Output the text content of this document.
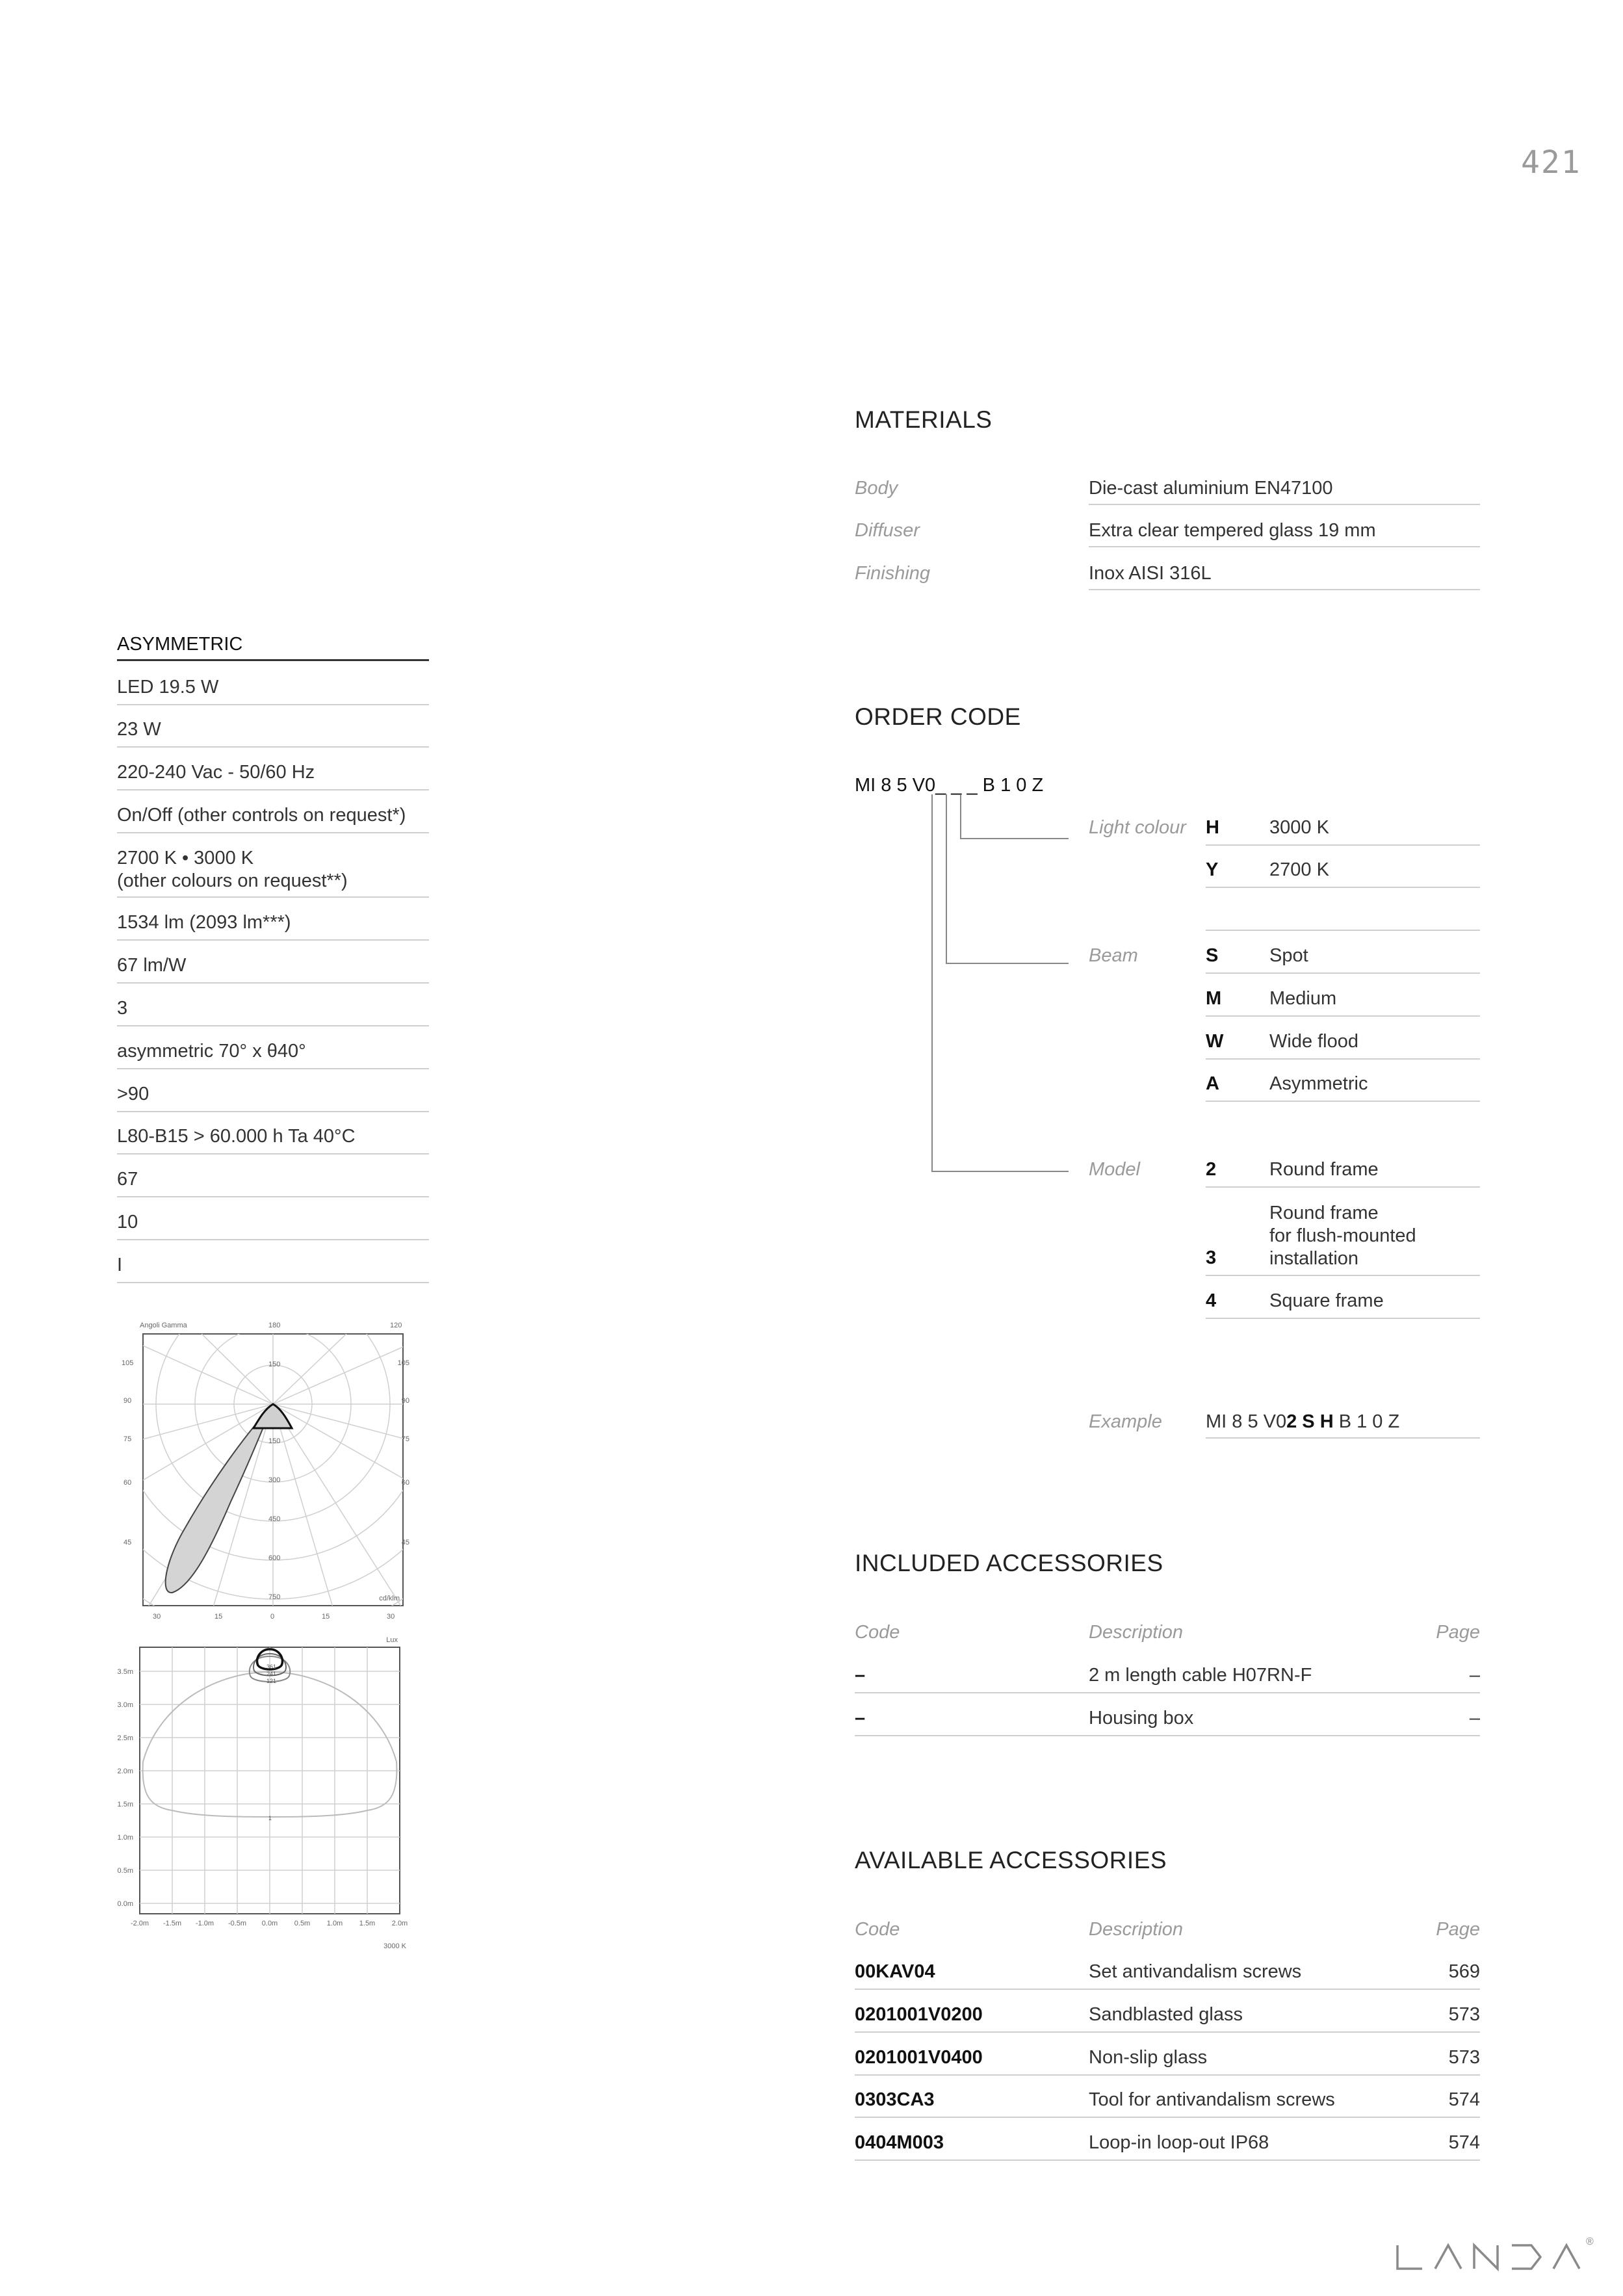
421
ASYMMETRIC
LED 19.5 W
23 W
220-240 Vac - 50/60 Hz
On/Off (other controls on request*)
2700 K • 3000 K
(other colours on request**)
1534 lm (2093 lm***)
67 lm/W
3
asymmetric 70° x θ40°
>90
L80-B15 > 60.000 h Ta 40°C
67
10
I
Angoli Gamma	180	120
105	105
90	90
75	75
60	60
45	45
150
150
300
450
600
750	cd/klm
30	15	0	15	30
Lux
361
241
121
1
3.5m
3.0m
2.5m
2.0m
1.5m
1.0m
0.5m
0.0m
-2.0m -1.5m -1.0m -0.5m 0.0m 0.5m 1.0m 1.5m 2.0m
3000 K
MATERIALS
Body	Die-cast aluminium EN47100
Diffuser	Extra clear tempered glass 19 mm
Finishing	Inox AISI 316L
ORDER CODE
MI 8 5 V0_ _ _ B 1 0 Z
Light colour H	3000 K
Y	2700 K
Beam	S	Spot
M	Medium
W Wide flood
A	Asymmetric
Model	2	Round frame
Round frame
for flush-mounted
installation
3
4	Square frame
Example MI 8 5 V02 S H B 1 0 Z
INCLUDED ACCESSORIES
Code	Description	Page
–	2 m length cable H07RN-F	–
–	Housing box	–
AVAILABLE ACCESSORIES
Code	Description	Page
00KAV04	Set antivandalism screws	569
0201001V0200	Sandblasted glass	573
0201001V0400	Non-slip glass	573
0303CA3	Tool for antivandalism screws	574
0404M003	Loop-in loop-out IP68	574
®
